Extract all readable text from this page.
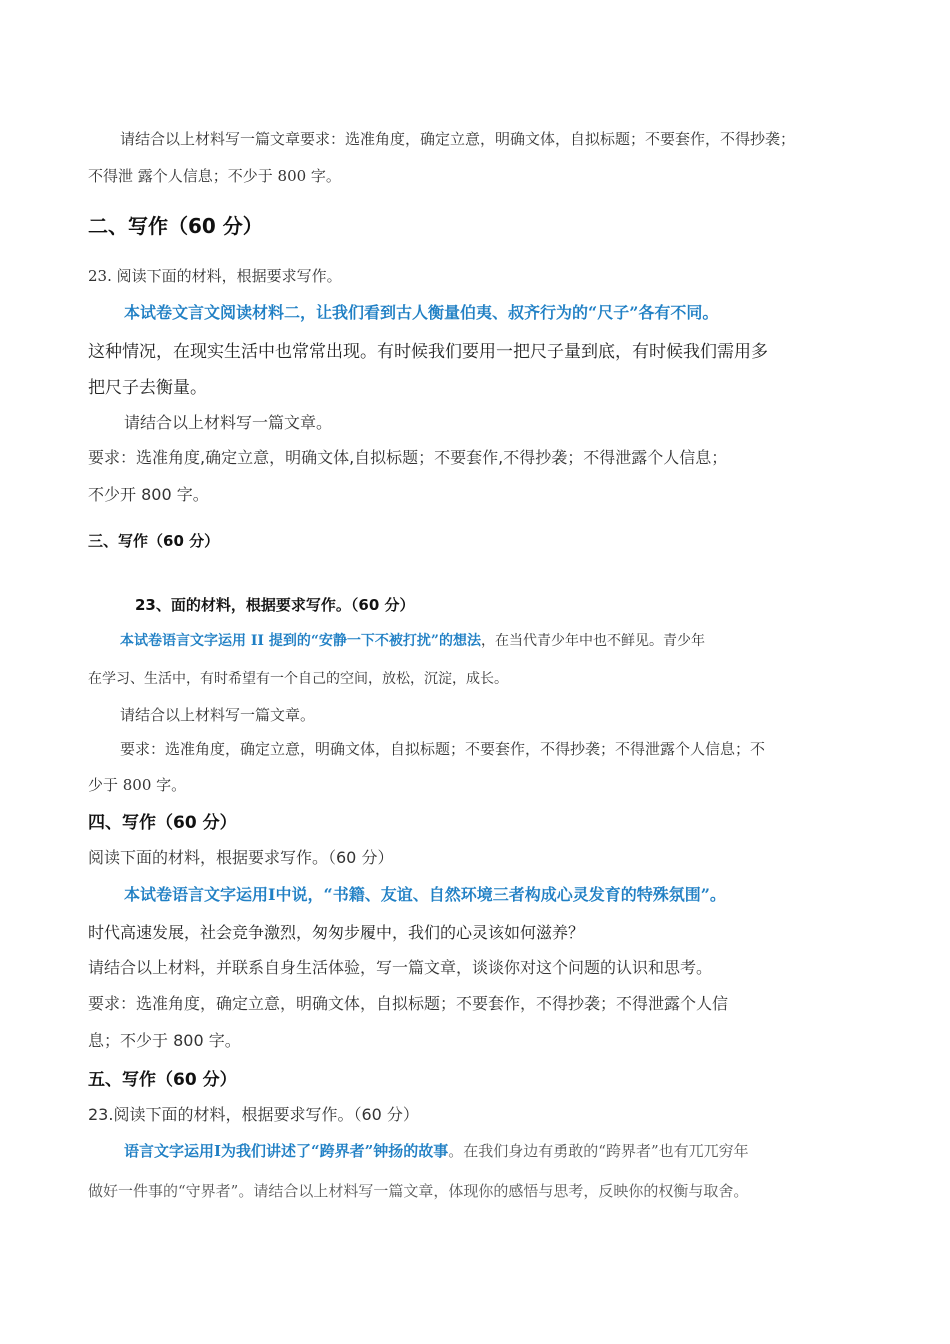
请结合以上材料写一篇文章要求：选准角度，确定立意，明确文体，自拟标题；不要套作，不得抄袭；
不得泄 露个人信息；不少于 800 字。
二、写作（60 分）
23. 阅读下面的材料，根据要求写作。
本试卷文言文阅读材料二，让我们看到古人衡量伯夷、叔齐行为的“尺子”各有不同。
这种情况，在现实生活中也常常出现。有时候我们要用一把尺子量到底，有时候我们需用多
把尺子去衡量。
请结合以上材料写一篇文章。
要求：选准角度,确定立意，明确文体,自拟标题；不要套作,不得抄袭；不得泄露个人信息；
不少开 800 字。
三、写作（60 分）
23、面的材料，根据要求写作。（60 分）
本试卷语言文字运用 II 提到的“安静一下不被打扰”的想法，在当代青少年中也不鲜见。青少年
在学习、生活中，有时希望有一个自己的空间，放松，沉淀，成长。
请结合以上材料写一篇文章。
要求：选准角度，确定立意，明确文体，自拟标题；不要套作，不得抄袭；不得泄露个人信息；不
少于 800 字。
四、写作（60 分）
阅读下面的材料，根据要求写作。（60 分）
本试卷语言文字运用Ⅰ中说，“书籍、友谊、自然环境三者构成心灵发育的特殊氛围”。
时代高速发展，社会竞争激烈，匆匆步履中，我们的心灵该如何滋养？
请结合以上材料，并联系自身生活体验，写一篇文章，谈谈你对这个问题的认识和思考。
要求：选准角度，确定立意，明确文体，自拟标题；不要套作，不得抄袭；不得泄露个人信
息；不少于 800 字。
五、写作（60 分）
23.阅读下面的材料，根据要求写作。（60 分）
语言文字运用Ⅰ为我们讲述了“跨界者”钟扬的故事。在我们身边有勇敢的“跨界者”也有兀兀穷年
做好一件事的“守界者”。请结合以上材料写一篇文章，体现你的感悟与思考，反映你的权衡与取舍。
